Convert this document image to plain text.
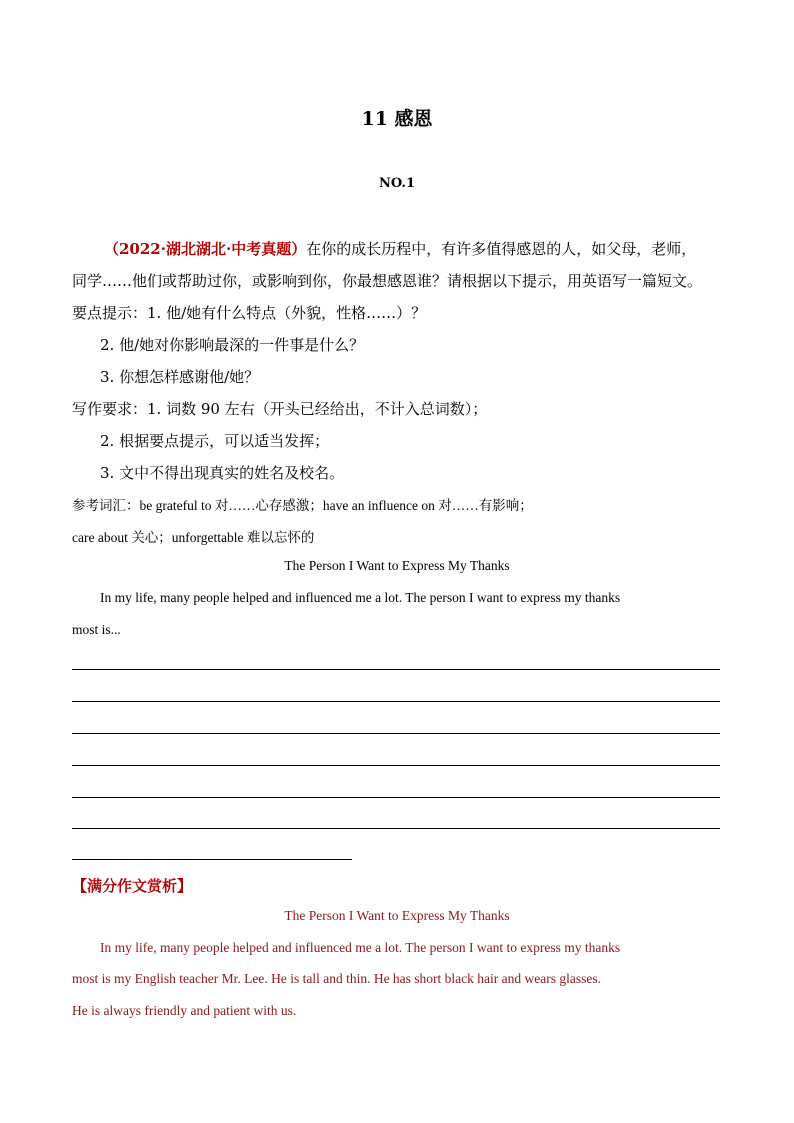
11 感恩
NO.1
（2022·湖北湖北·中考真题）在你的成长历程中，有许多值得感恩的人，如父母，老师，
同学……他们或帮助过你，或影响到你，你最想感恩谁？请根据以下提示，用英语写一篇短文。
要点提示：1. 他/她有什么特点（外貌，性格……）？
2. 他/她对你影响最深的一件事是什么？
3. 你想怎样感谢他/她？
写作要求：1. 词数 90 左右（开头已经给出，不计入总词数）；
2. 根据要点提示，可以适当发挥；
3. 文中不得出现真实的姓名及校名。
参考词汇：be grateful to 对……心存感激；have an influence on 对……有影响；
care about 关心；unforgettable 难以忘怀的
The Person I Want to Express My Thanks
In my life, many people helped and influenced me a lot. The person I want to express my thanks
most is...
【满分作文赏析】
The Person I Want to Express My Thanks
In my life, many people helped and influenced me a lot. The person I want to express my thanks
most is my English teacher Mr. Lee. He is tall and thin. He has short black hair and wears glasses.
He is always friendly and patient with us.
